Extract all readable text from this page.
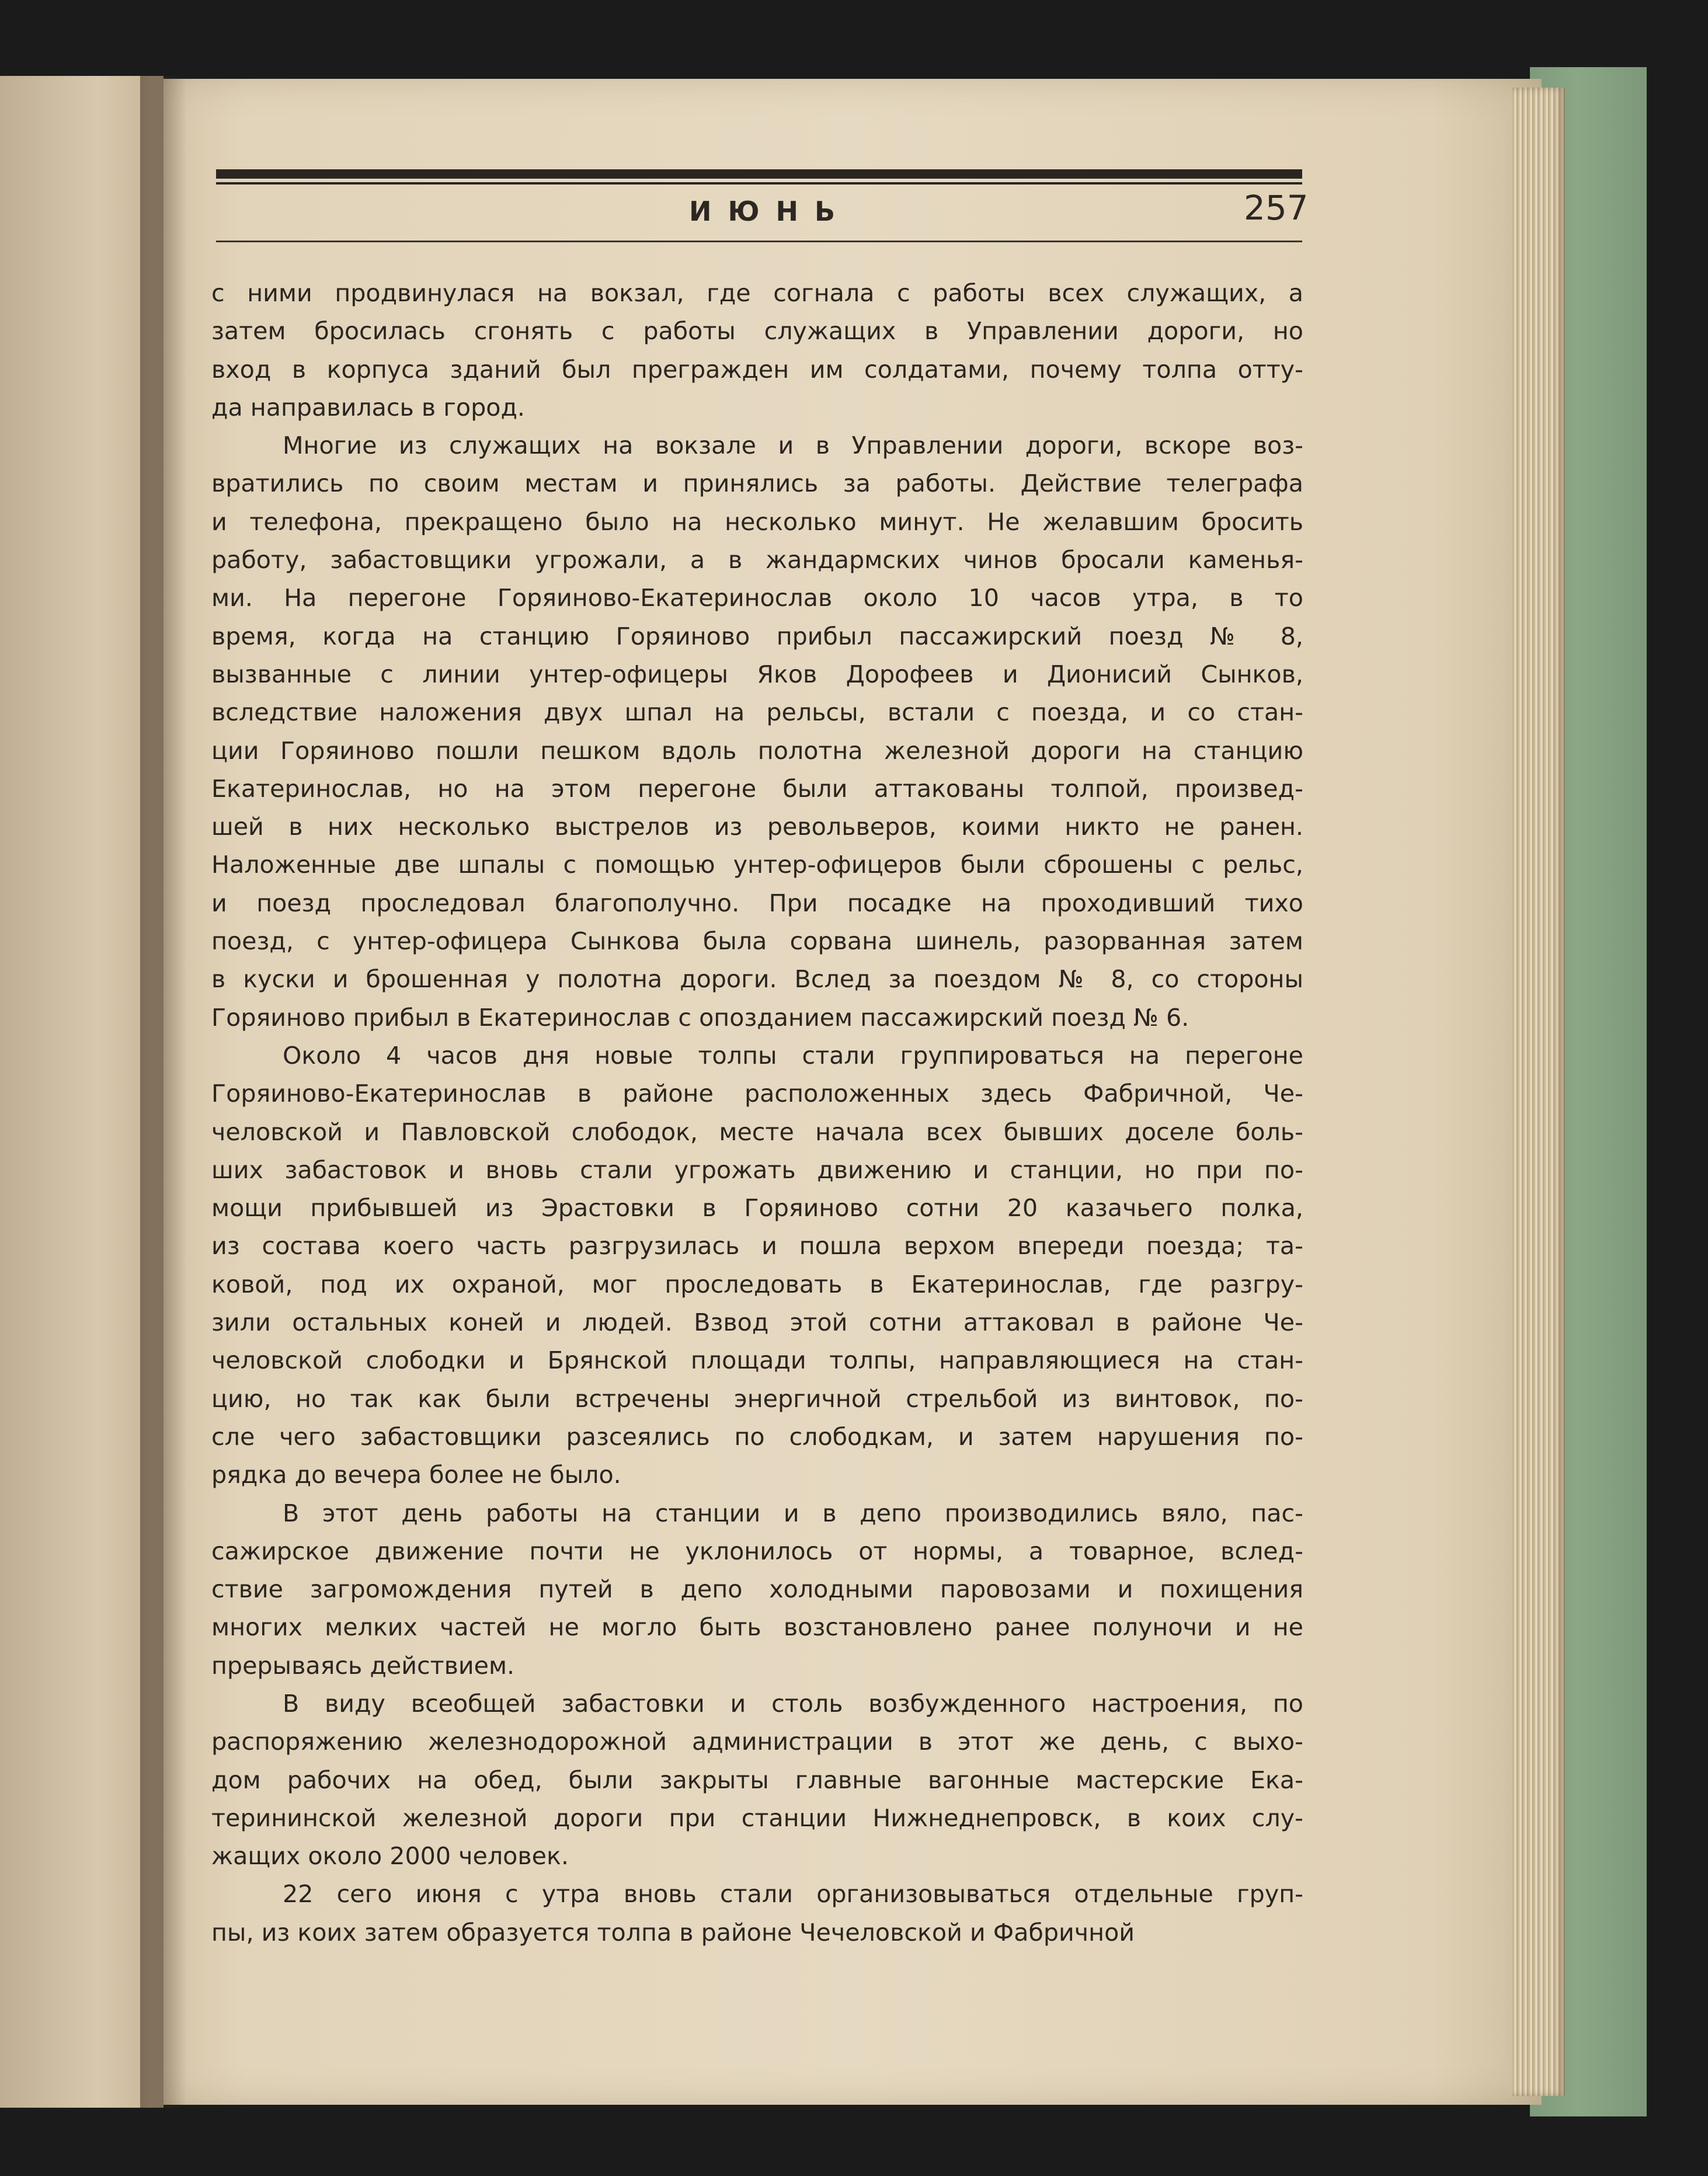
ИЮНЬ	257
с ними продвинулася на вокзал, где согнала с работы всех служащих, а
затем бросилась сгонять с работы служащих в Управлении дороги, но
вход в корпуса зданий был прегражден им солдатами, почему толпа отту-
да направилась в город.
Многие из служащих на вокзале и в Управлении дороги, вскоре воз-
вратились по своим местам и принялись за работы. Действие телеграфа
и телефона, прекращено было на несколько минут. Не желавшим бросить
работу, забастовщики угрожали, а в жандармских чинов бросали каменья-
ми. На перегоне Горяиново-Екатеринослав около 10 часов утра, в то
время, когда на станцию Горяиново прибыл пассажирский поезд № 8,
вызванные с линии унтер-офицеры Яков Дорофеев и Дионисий Сынков,
вследствие наложения двух шпал на рельсы, встали с поезда, и со стан-
ции Горяиново пошли пешком вдоль полотна железной дороги на станцию
Екатеринослав, но на этом перегоне были аттакованы толпой, произвед-
шей в них несколько выстрелов из револьверов, коими никто не ранен.
Наложенные две шпалы с помощью унтер-офицеров были сброшены с рельс,
и поезд проследовал благополучно. При посадке на проходивший тихо
поезд, с унтер-офицера Сынкова была сорвана шинель, разорванная затем
в куски и брошенная у полотна дороги. Вслед за поездом № 8, со стороны
Горяиново прибыл в Екатеринослав с опозданием пассажирский поезд № 6.
Около 4 часов дня новые толпы стали группироваться на перегоне
Горяиново-Екатеринослав в районе расположенных здесь Фабричной, Че-
человской и Павловской слободок, месте начала всех бывших доселе боль-
ших забастовок и вновь стали угрожать движению и станции, но при по-
мощи прибывшей из Эрастовки в Горяиново сотни 20 казачьего полка,
из состава коего часть разгрузилась и пошла верхом впереди поезда; та-
ковой, под их охраной, мог проследовать в Екатеринослав, где разгру-
зили остальных коней и людей. Взвод этой сотни аттаковал в районе Че-
человской слободки и Брянской площади толпы, направляющиеся на стан-
цию, но так как были встречены энергичной стрельбой из винтовок, по-
сле чего забастовщики разсеялись по слободкам, и затем нарушения по-
рядка до вечера более не было.
В этот день работы на станции и в депо производились вяло, пас-
сажирское движение почти не уклонилось от нормы, а товарное, вслед-
ствие загромождения путей в депо холодными паровозами и похищения
многих мелких частей не могло быть возстановлено ранее полуночи и не
прерываясь действием.
В виду всеобщей забастовки и столь возбужденного настроения, по
распоряжению железнодорожной администрации в этот же день, с выхо-
дом рабочих на обед, были закрыты главные вагонные мастерские Ека-
терининской железной дороги при станции Нижнеднепровск, в коих слу-
жащих около 2000 человек.
22 сего июня с утра вновь стали организовываться отдельные груп-
пы, из коих затем образуется толпа в районе Чечеловской и Фабричной
